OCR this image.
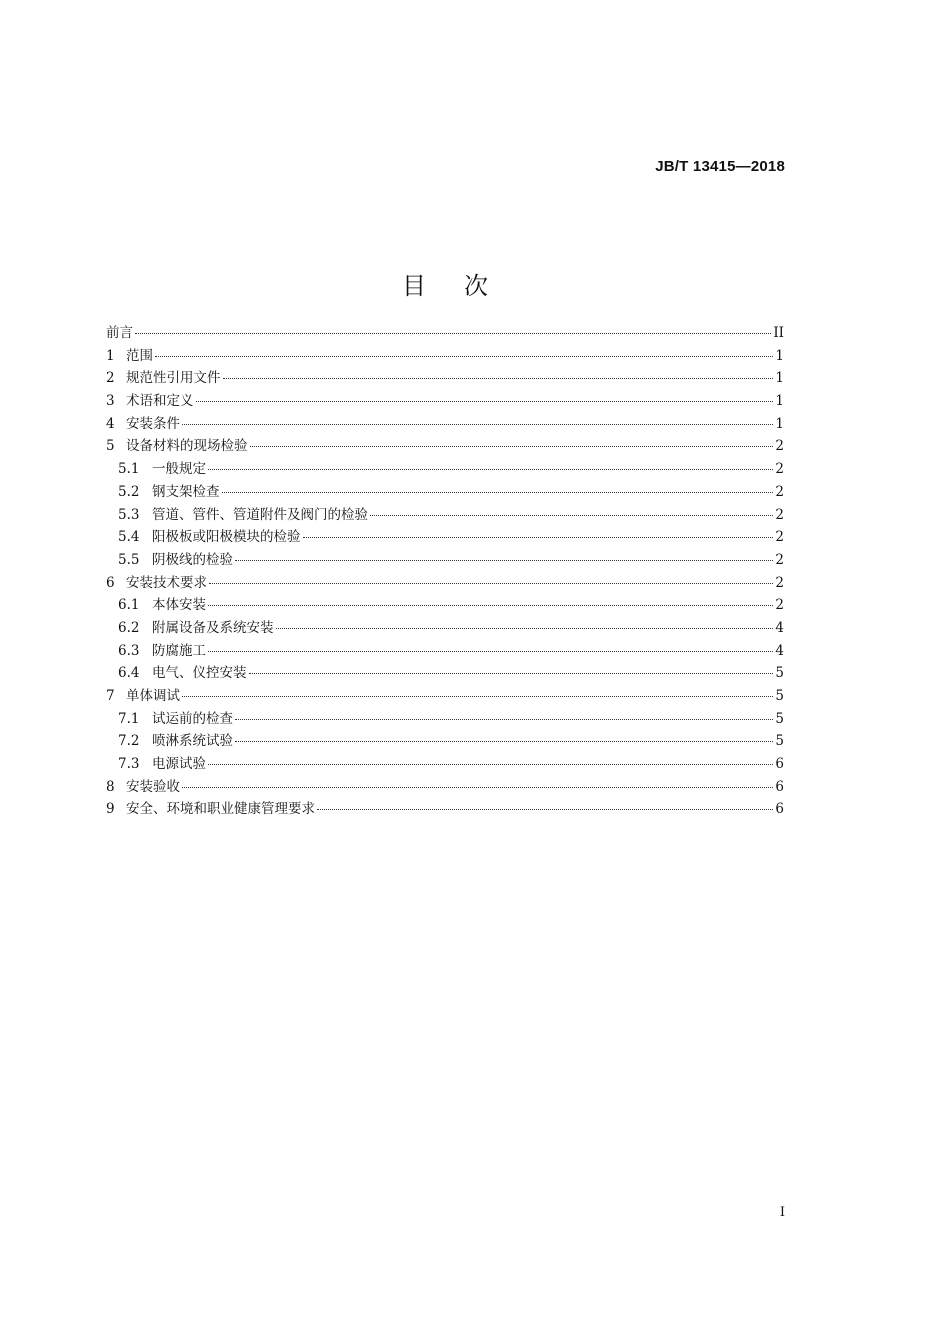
JB/T 13415—2018
目次
前言	II
1 范围	1
2 规范性引用文件	1
3 术语和定义	1
4 安装条件	1
5 设备材料的现场检验	2
5.1 一般规定	2
5.2 钢支架检查	2
5.3 管道、管件、管道附件及阀门的检验	2
5.4 阳极板或阳极模块的检验	2
5.5 阴极线的检验	2
6 安装技术要求	2
6.1 本体安装	2
6.2 附属设备及系统安装	4
6.3 防腐施工	4
6.4 电气、仪控安装	5
7 单体调试	5
7.1 试运前的检查	5
7.2 喷淋系统试验	5
7.3 电源试验	6
8 安装验收	6
9 安全、环境和职业健康管理要求	6
I
